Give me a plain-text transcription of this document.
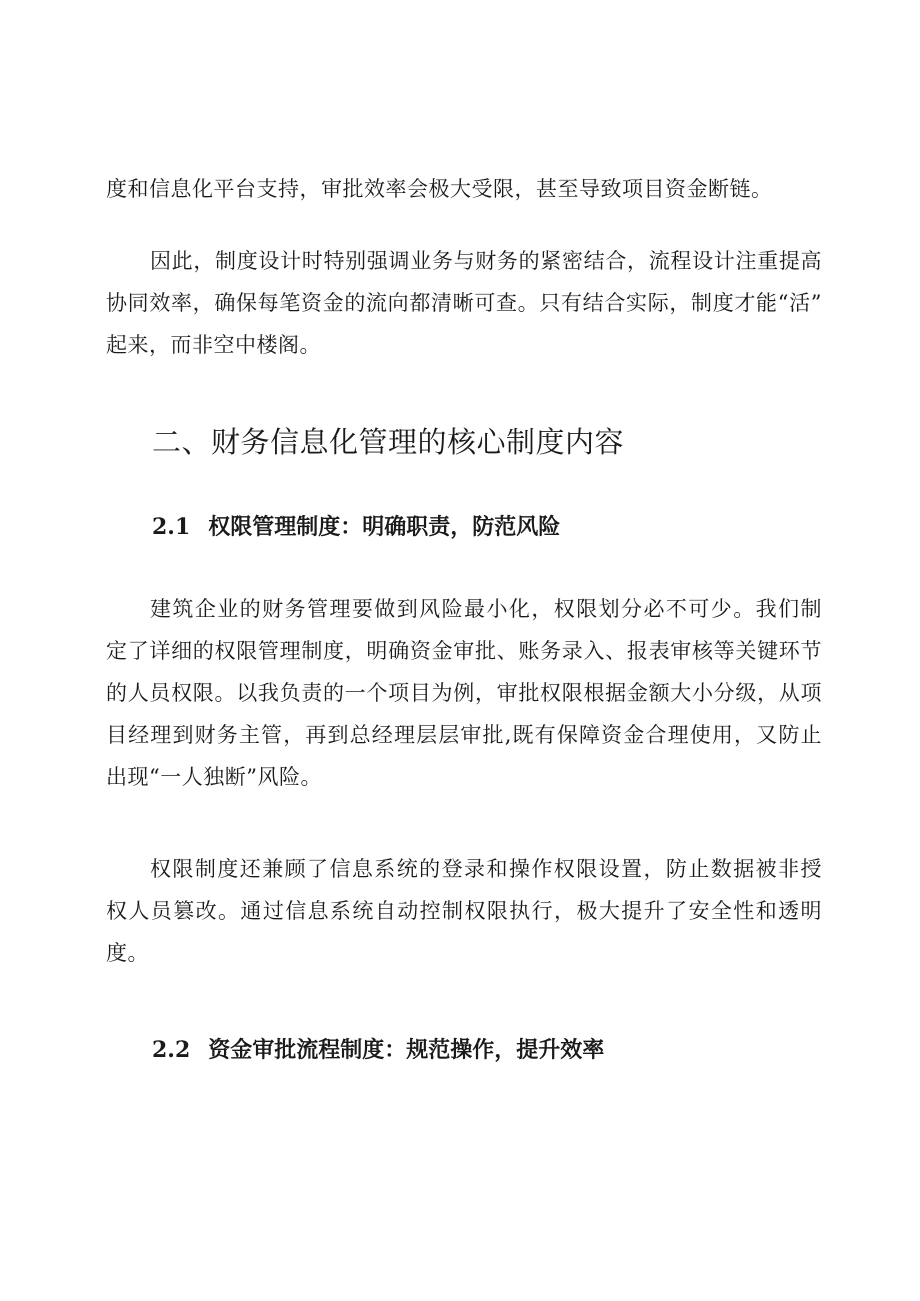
度和信息化平台支持，审批效率会极大受限，甚至导致项目资金断链。
因此，制度设计时特别强调业务与财务的紧密结合，流程设计注重提高
协同效率，确保每笔资金的流向都清晰可查。只有结合实际，制度才能“活”
起来，而非空中楼阁。
二、财务信息化管理的核心制度内容
2.1 权限管理制度：明确职责，防范风险
建筑企业的财务管理要做到风险最小化，权限划分必不可少。我们制
定了详细的权限管理制度，明确资金审批、账务录入、报表审核等关键环节
的人员权限。以我负责的一个项目为例，审批权限根据金额大小分级，从项
目经理到财务主管，再到总经理层层审批,既有保障资金合理使用，又防止
出现“一人独断”风险。
权限制度还兼顾了信息系统的登录和操作权限设置，防止数据被非授
权人员篡改。通过信息系统自动控制权限执行，极大提升了安全性和透明
度。
2.2 资金审批流程制度：规范操作，提升效率
